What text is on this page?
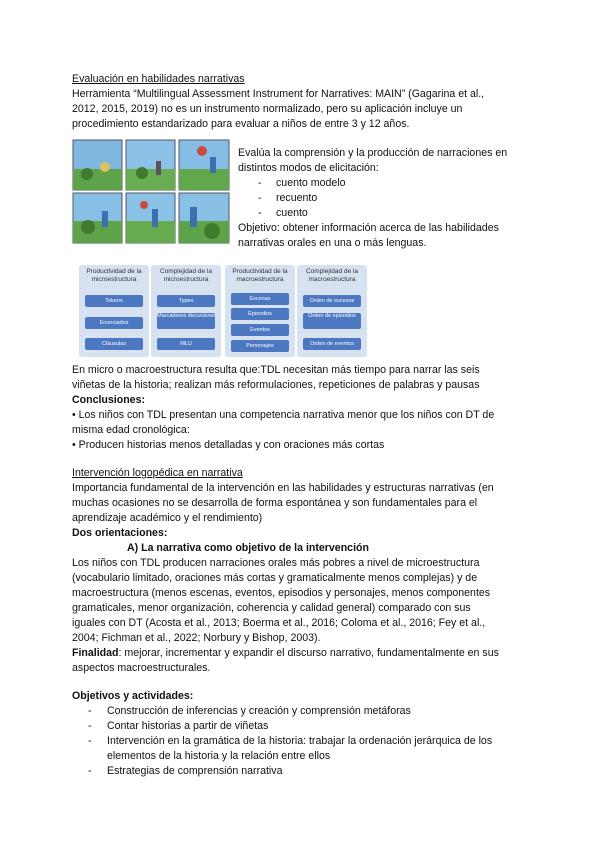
Evaluación en habilidades narrativas

Herramienta “Multilingual Assessment Instrument for Narratives: MAIN” (Gagarina et al.,

2012, 2015, 2019) no es un instrumento normalizado, pero su aplicación incluye un

procedimiento estandarizado para evaluar a niños de entre 3 y 12 años.

Evalúa la comprensión y la producción de narraciones en

distintos modos de elicitación:

- cuento modelo
- recuento
- cuento

Objetivo: obtener información acerca de las habilidades

narrativas orales en una o más lenguas.

Productividad de la microestructura
Tokens
Enunciados
Cláusulas
Complejidad de la microestructura
Types
Marcadores discursivos
MLU
Productividad de la macroestructura
Escenas
Episodios
Eventos
Personajes
Complejidad de la macroestructura
Orden de sucesos
Orden de episodios
Orden de eventos

En micro o macroestructura resulta que:TDL necesitan más tiempo para narrar las seis

viñetas de la historia; realizan más reformulaciones, repeticiones de palabras y pausas

Conclusiones:

• Los niños con TDL presentan una competencia narrativa menor que los niños con DT de

misma edad cronológica:

• Producen historias menos detalladas y con oraciones más cortas

Intervención logopédica en narrativa

Importancia fundamental de la intervención en las habilidades y estructuras narrativas (en

muchas ocasiones no se desarrolla de forma espontánea y son fundamentales para el

aprendizaje académico y el rendimiento)

Dos orientaciones:

A) La narrativa como objetivo de la intervención

Los niños con TDL producen narraciones orales más pobres a nivel de microestructura

(vocabulario limitado, oraciones más cortas y gramaticalmente menos complejas) y de

macroestructura (menos escenas, eventos, episodios y personajes, menos componentes

gramaticales, menor organización, coherencia y calidad general) comparado con sus

iguales con DT (Acosta et al., 2013; Boerma et al., 2016; Coloma et al., 2016; Fey et al.,

2004; Fichman et al., 2022; Norbury y Bishop, 2003).

Finalidad: mejorar, incrementar y expandir el discurso narrativo, fundamentalmente en sus

aspectos macroestructurales.

Objetivos y actividades:

- Construcción de inferencias y creación y comprensión metáforas
- Contar historias a partir de viñetas
- Intervención en la gramática de la historia: trabajar la ordenación jerárquica de los
elementos de la historia y la relación entre ellos
- Estrategias de comprensión narrativa
